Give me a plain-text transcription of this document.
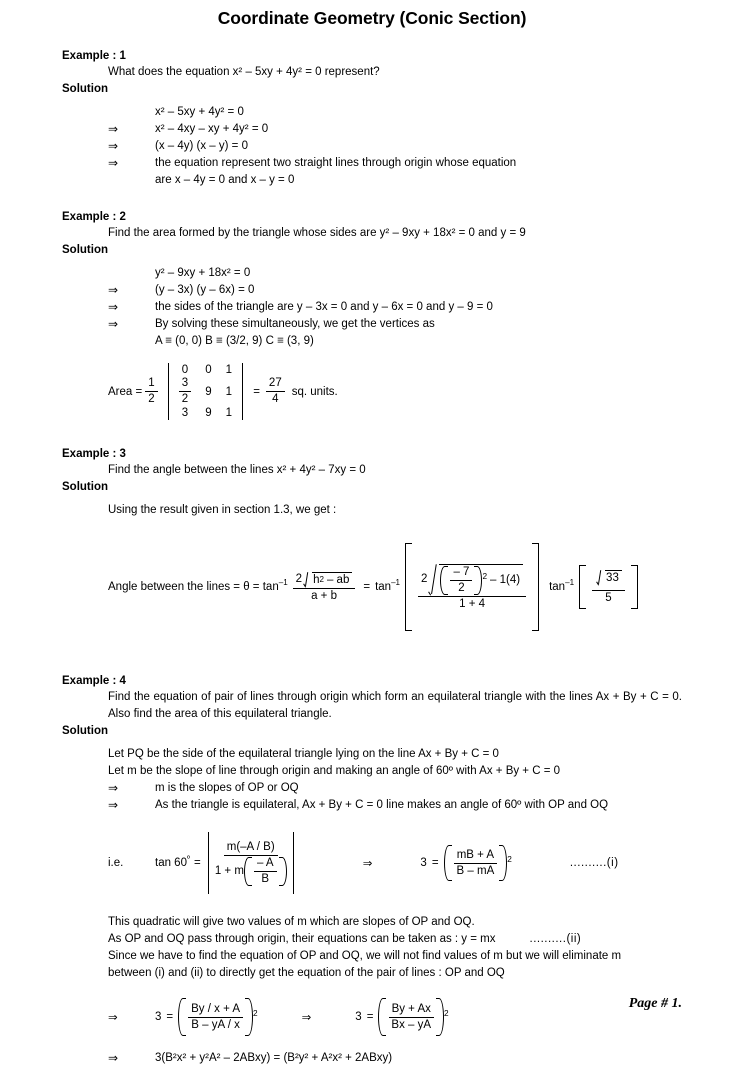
Coordinate Geometry (Conic Section)
Example : 1
What does the equation x² – 5xy + 4y² = 0 represent?
Solution
x² – 5xy + 4y² = 0
⇒	x² – 4xy – xy + 4y² = 0
⇒	(x – 4y) (x – y) = 0
⇒	the equation represent two straight lines through origin whose equation
are x – 4y = 0 and x – y = 0
Example : 2
Find the area formed by the triangle whose sides are y² – 9xy + 18x² = 0 and y = 9
Solution
y² – 9xy + 18x² = 0
⇒	(y – 3x) (y – 6x) = 0
⇒	the sides of the triangle are y – 3x = 0 and y – 6x = 0 and y – 9 = 0
⇒	By solving these simultaneously, we get the vertices as
A ≡ (0, 0) B ≡ (3/2, 9) C ≡ (3, 9)
Area = $\frac{1}{2}$
0	0	1

$\frac{3}{2}$	9	1
3	9	1
= $\frac{27}{4}$ sq. units.
Example : 3
Find the angle between the lines x² + 4y² – 7xy = 0
Solution
Using the result given in section 1.3, we get :
Angle between the lines = $\theta = \tan^{-1} 2$ h 2 – ab
a + b
= $\tan^{-1} 2 \frac{- 7}{2} 2 - 1(4)$
1 + 4
$\tan^{-1} \frac{33}{5}$
Example : 4
Find the equation of pair of lines through origin which form an equilateral triangle with the lines Ax + By + C = 0. Also find the area of this equilateral triangle.
Solution
Let PQ be the side of the equilateral triangle lying on the line Ax + By + C = 0
Let m be the slope of line through origin and making an angle of 60º with Ax + By + C = 0
⇒	m is the slopes of OP or OQ
⇒	As the triangle is equilateral, Ax + By + C = 0 line makes an angle of 60º with OP and OQ
i.e.	$\tan 60^º$ =
m(–A / B)
1 + m $\frac{- A}{B}$	⇒	$3 = \frac{mB + A}{B - mA} 2$	..........(i)
This quadratic will give two values of m which are slopes of OP and OQ.
As OP and OQ pass through origin, their equations can be taken as : y = mx	..........(ii)
Since we have to find the equation of OP and OQ, we will not find values of m but we will eliminate m
between (i) and (ii) to directly get the equation of the pair of lines : OP and OQ
⇒	$3 = \frac{By / x + A}{B - yA / x} 2$	⇒	$3 = \frac{By + Ax}{Bx - yA} 2$
⇒	3(B²x² + y²A² – 2ABxy) = (B²y² + A²x² + 2ABxy)
Page # 1.
